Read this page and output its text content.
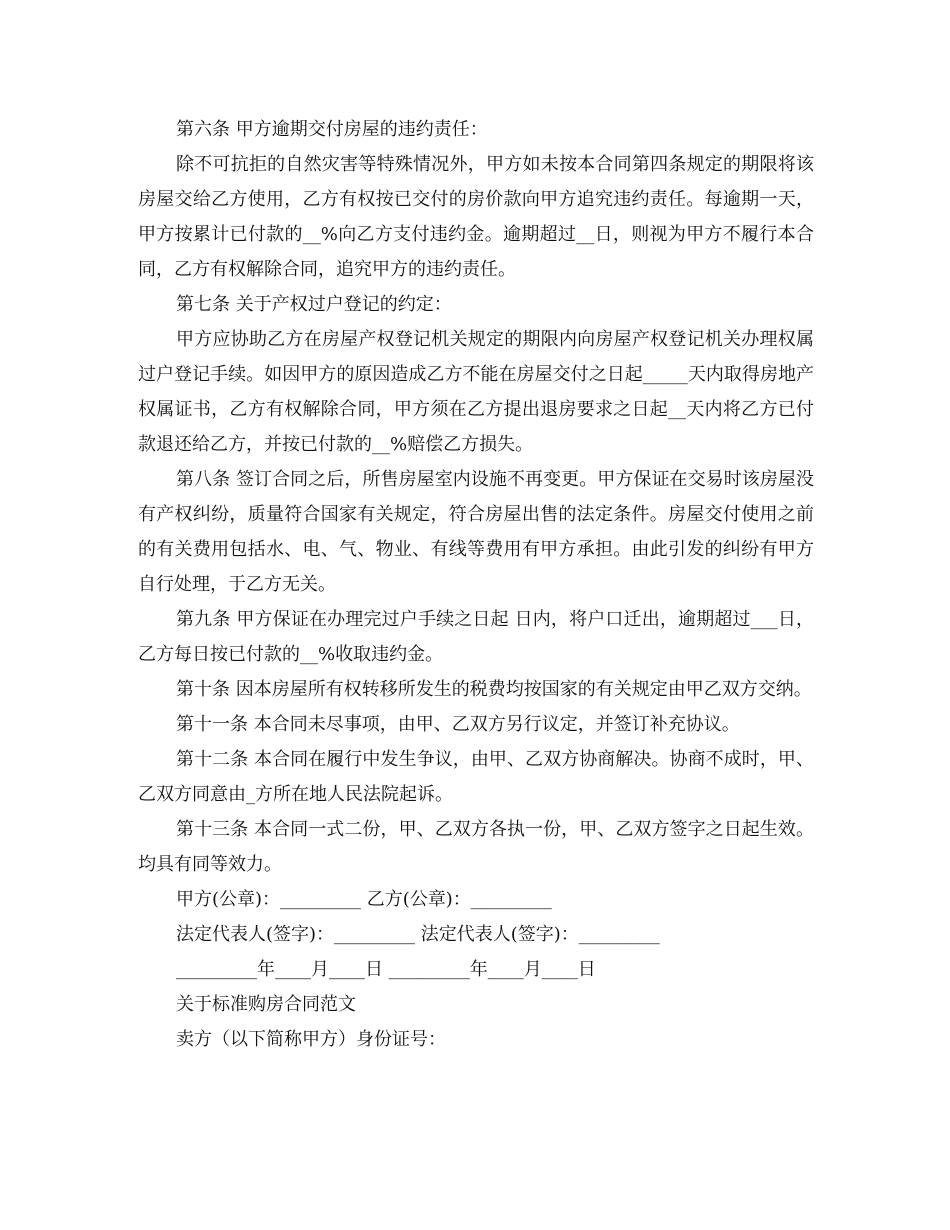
第六条 甲方逾期交付房屋的违约责任：

除不可抗拒的自然灾害等特殊情况外，甲方如未按本合同第四条规定的期限将该房屋交给乙方使用，乙方有权按已交付的房价款向甲方追究违约责任。每逾期一天，甲方按累计已付款的__%向乙方支付违约金。逾期超过__日，则视为甲方不履行本合同，乙方有权解除合同，追究甲方的违约责任。

第七条 关于产权过户登记的约定：

甲方应协助乙方在房屋产权登记机关规定的期限内向房屋产权登记机关办理权属过户登记手续。如因甲方的原因造成乙方不能在房屋交付之日起_____天内取得房地产权属证书，乙方有权解除合同，甲方须在乙方提出退房要求之日起__天内将乙方已付款退还给乙方，并按已付款的__%赔偿乙方损失。

第八条 签订合同之后，所售房屋室内设施不再变更。甲方保证在交易时该房屋没有产权纠纷，质量符合国家有关规定，符合房屋出售的法定条件。房屋交付使用之前的有关费用包括水、电、气、物业、有线等费用有甲方承担。由此引发的纠纷有甲方自行处理，于乙方无关。

第九条 甲方保证在办理完过户手续之日起 日内，将户口迁出，逾期超过___日，乙方每日按已付款的__%收取违约金。

第十条 因本房屋所有权转移所发生的税费均按国家的有关规定由甲乙双方交纳。

第十一条 本合同未尽事项，由甲、乙双方另行议定，并签订补充协议。

第十二条 本合同在履行中发生争议，由甲、乙双方协商解决。协商不成时，甲、乙双方同意由_方所在地人民法院起诉。

第十三条 本合同一式二份，甲、乙双方各执一份，甲、乙双方签字之日起生效。均具有同等效力。

甲方(公章)：_________ 乙方(公章)：_________

法定代表人(签字)：_________ 法定代表人(签字)：_________

_________年____月____日 _________年____月____日

关于标准购房合同范文

卖方（以下简称甲方）身份证号：
